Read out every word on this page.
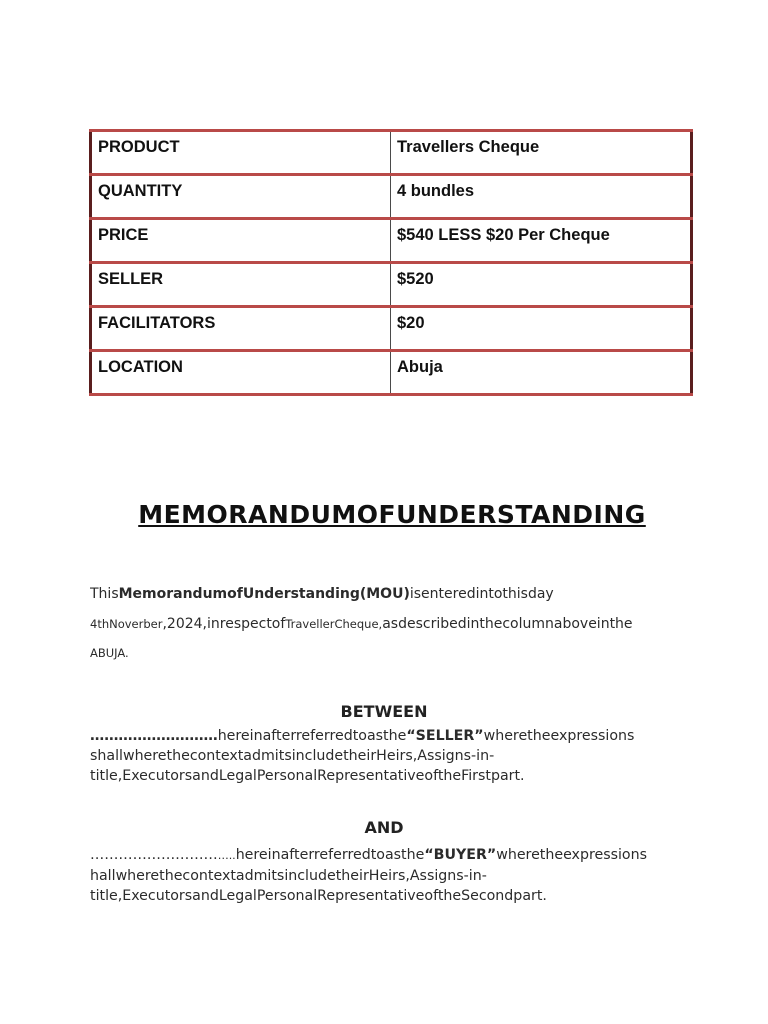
PRODUCT	Travellers Cheque
QUANTITY	4 bundles
PRICE	$540 LESS $20 Per Cheque
SELLER	$520
FACILITATORS	$20
LOCATION	Abuja
MEMORANDUMOFUNDERSTANDING
ThisMemorandumofUnderstanding(MOU)isenteredintothisday
4thNoverber,2024,inrespectofTravellerCheque,asdescribedinthecolumnaboveinthe
ABUJA.
BETWEEN
………………………hereinafterreferredtoasthe“SELLER”wheretheexpressions
shallwherethecontextadmitsincludetheirHeirs,Assigns-in-
title,ExecutorsandLegalPersonalRepresentativeoftheFirstpart.
AND
…………………………..hereinafterreferredtoasthe“BUYER”wheretheexpressions
hallwherethecontextadmitsincludetheirHeirs,Assigns-in-
title,ExecutorsandLegalPersonalRepresentativeoftheSecondpart.
